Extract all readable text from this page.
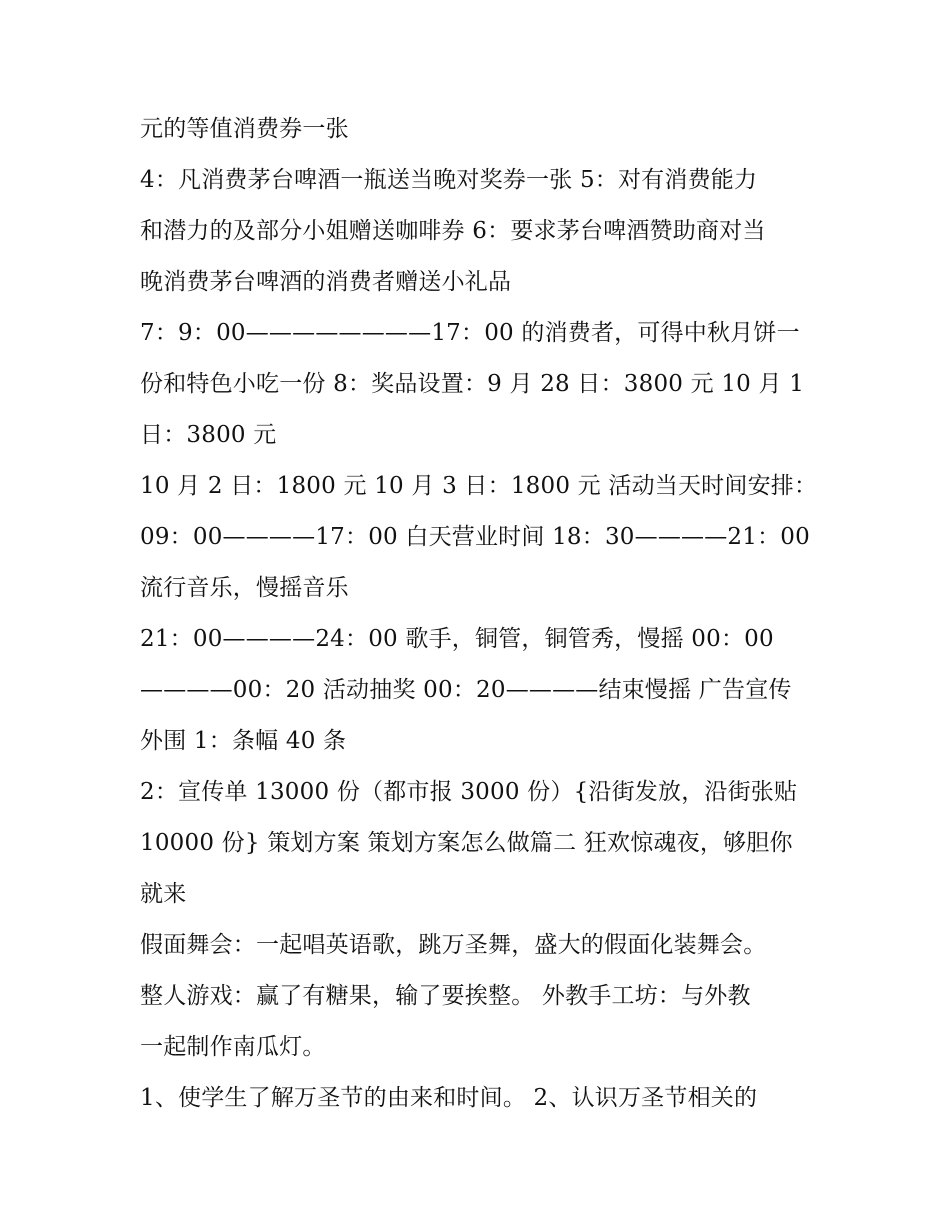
元的等值消费券一张
4：凡消费茅台啤酒一瓶送当晚对奖券一张 5：对有消费能力
和潜力的及部分小姐赠送咖啡券 6：要求茅台啤酒赞助商对当
晚消费茅台啤酒的消费者赠送小礼品
7：9：00————————17：00 的消费者，可得中秋月饼一
份和特色小吃一份 8：奖品设置：9 月 28 日：3800 元 10 月 1
日：3800 元
10 月 2 日：1800 元 10 月 3 日：1800 元 活动当天时间安排：
09：00————17：00 白天营业时间 18：30————21：00
流行音乐，慢摇音乐
21：00————24：00 歌手，铜管，铜管秀，慢摇 00：00
————00：20 活动抽奖 00：20————结束慢摇 广告宣传
外围 1：条幅 40 条
2：宣传单 13000 份（都市报 3000 份）{沿街发放，沿街张贴
10000 份} 策划方案 策划方案怎么做篇二 狂欢惊魂夜，够胆你
就来
假面舞会：一起唱英语歌，跳万圣舞，盛大的假面化装舞会。
整人游戏：赢了有糖果，输了要挨整。 外教手工坊：与外教
一起制作南瓜灯。
1、使学生了解万圣节的由来和时间。 2、认识万圣节相关的
